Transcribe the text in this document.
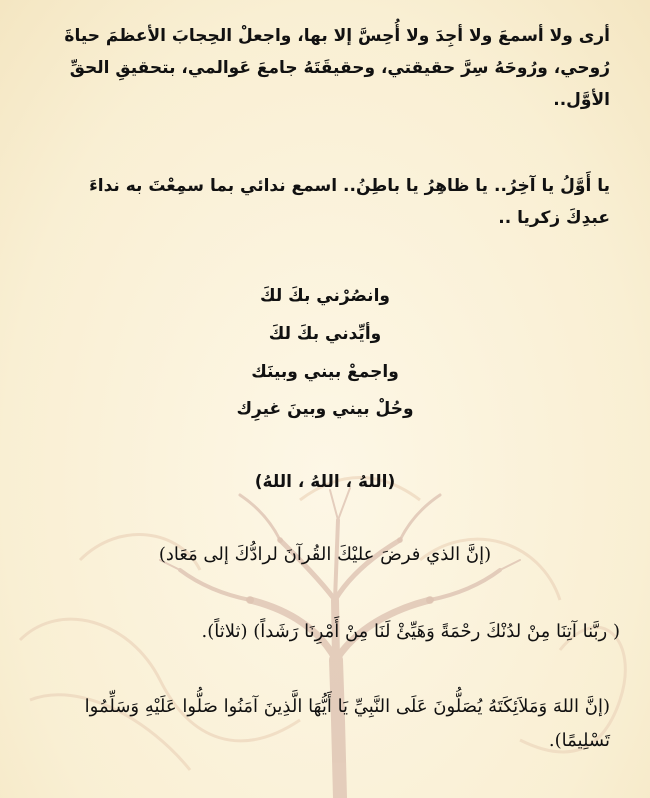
أرى ولا أسمعَ ولا أجِدَ ولا أُحِسَّ إلا بها، واجعلْ الحِجابَ الأعظمَ حياةَ رُوحي، ورُوحَهُ سِرَّ حقيقتي، وحقيقَتَهُ جامعَ عَوالمي، بتحقيقِ الحقِّ الأوَّل..
يا أَوَّلُ يا آخِرُ.. يا ظاهِرُ يا باطِنُ.. اسمع ندائي بما سمِعْتَ به نداءَ عبدِكَ زكريا ..
وانصُرْني بكَ لكَ
وأيِّدني بكَ لكَ
واجمعْ بيني وبينَك
وحُلْ بيني وبينَ غيرِك
(اللهُ ، اللهُ ، اللهُ)
(إنَّ الذي فرضَ عليْكَ القُرآنَ لرادُّكَ إلى مَعَاد)
( ربَّنا آتِنَا مِنْ لدُنْكَ رحْمَةً وَهَيِّئْ لَنَا مِنْ أَمْرِنَا رَشَداً) (ثلاثاً).
(إنَّ اللهَ وَمَلاَئِكَتَهُ يُصَلُّونَ عَلَى النَّبِيِّ يَا أَيُّهَا الَّذِينَ آمَنُوا صَلُّوا عَلَيْهِ وَسَلِّمُوا تَسْلِيمًا).
